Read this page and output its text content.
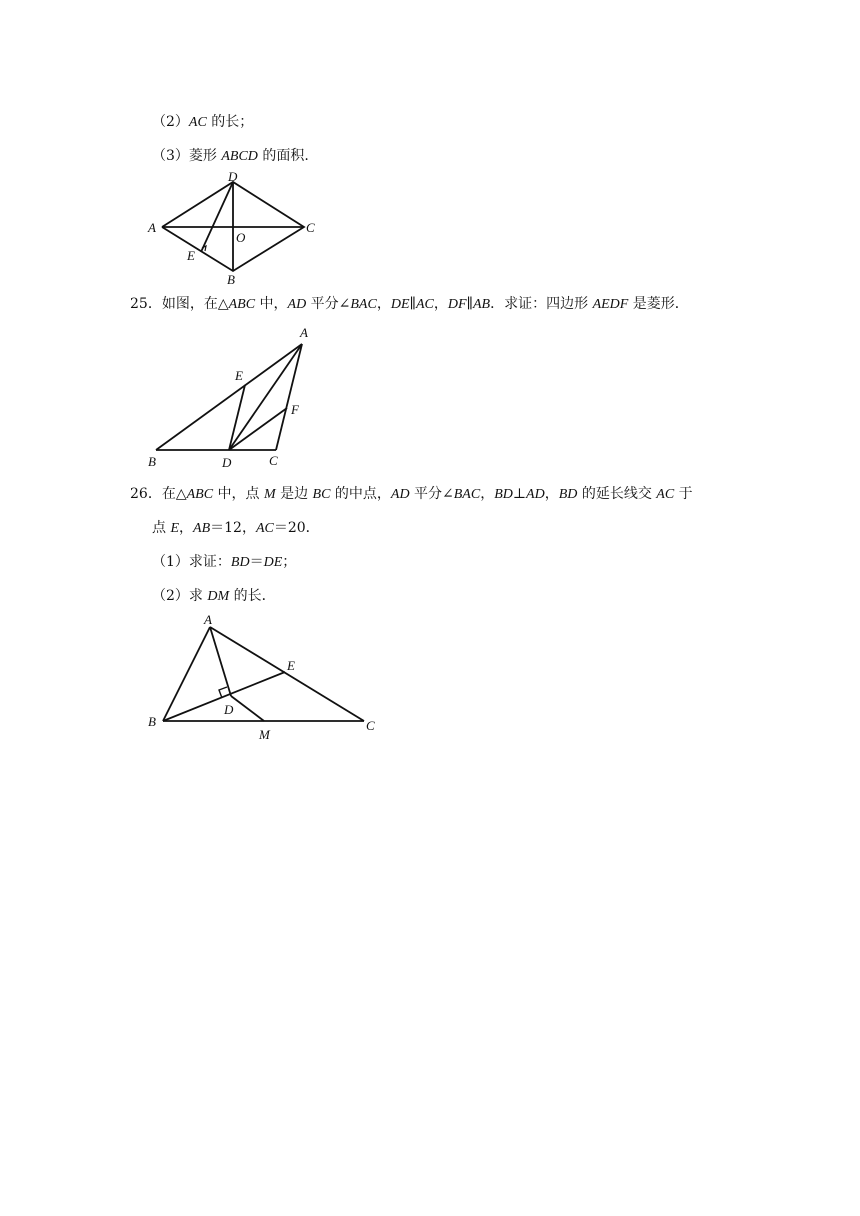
（2）AC 的长；
（3）菱形 ABCD 的面积.
A
D
C
B
E
O
25．如图，在△ABC 中，AD 平分∠BAC，DE∥AC，DF∥AB．求证：四边形 AEDF 是菱形．
A
E
F
B	D	C
26．在△ABC 中，点 M 是边 BC 的中点，AD 平分∠BAC，BD⊥AD，BD 的延长线交 AC 于
点 E，AB＝12，AC＝20．
（1）求证：BD＝DE；
（2）求 DM 的长．
A
E
D
B
M
C
